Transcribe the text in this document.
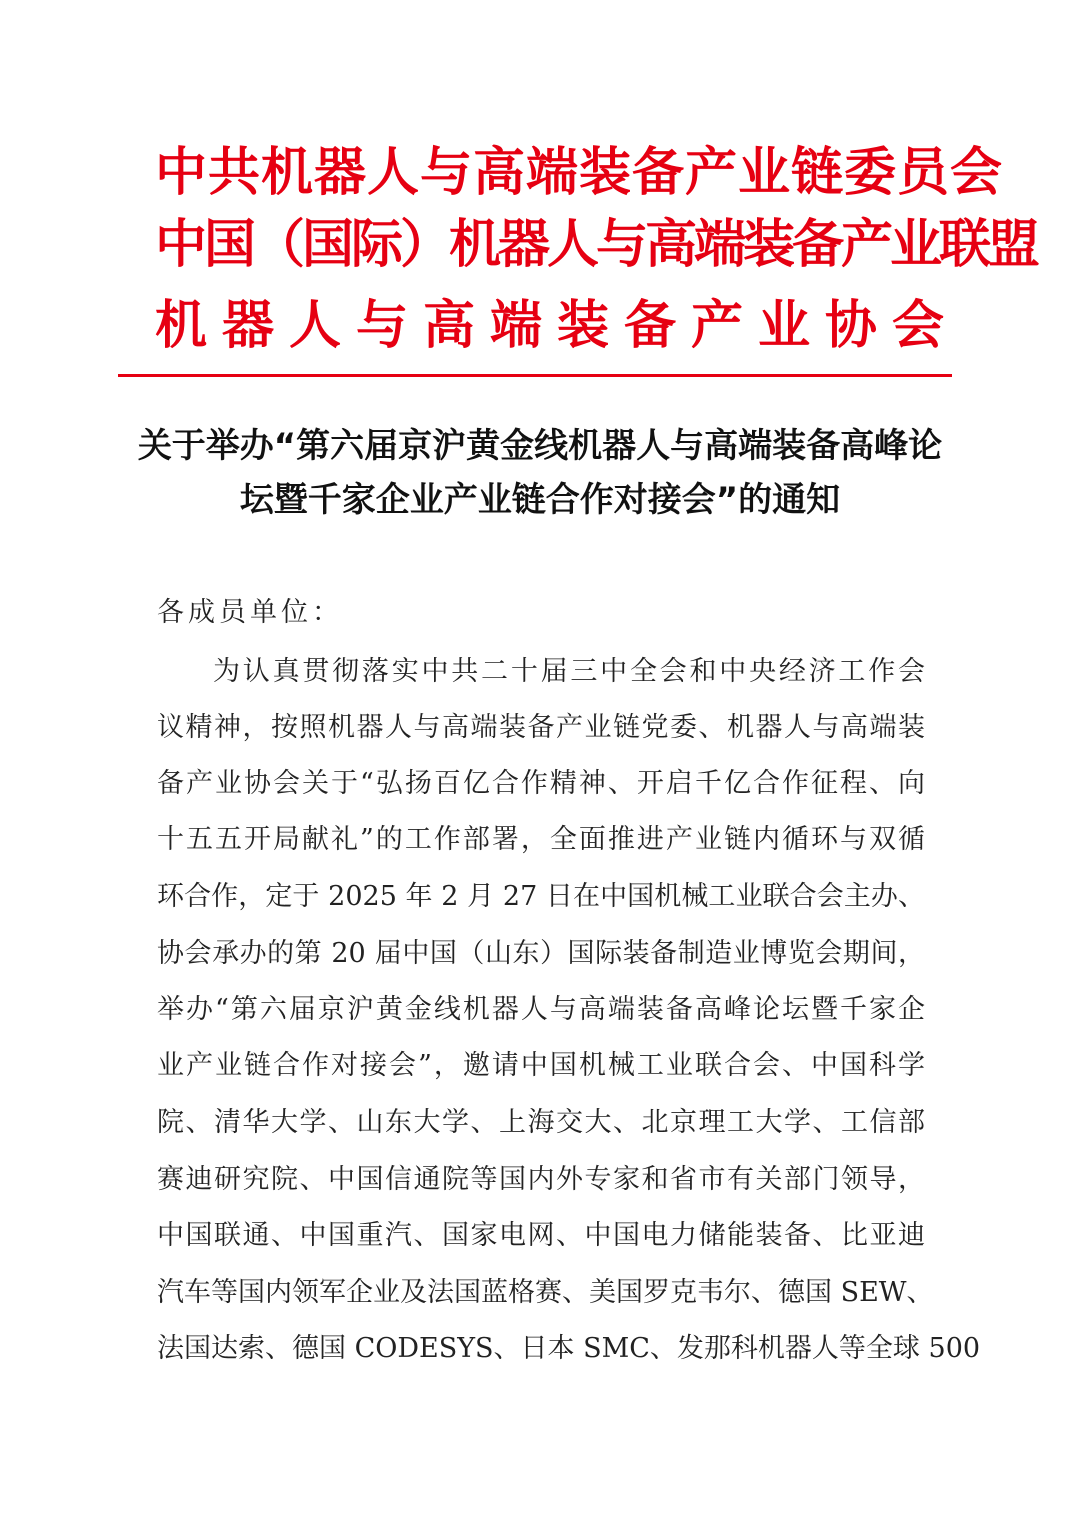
中共机器人与高端装备产业链委员会
中国（国际）机器人与高端装备产业联盟
机器人与高端装备产业协会
关于举办“第六届京沪黄金线机器人与高端装备高峰论
坛暨千家企业产业链合作对接会”的通知
各成员单位：
为认真贯彻落实中共二十届三中全会和中央经济工作会
议精神，按照机器人与高端装备产业链党委、机器人与高端装
备产业协会关于“弘扬百亿合作精神、开启千亿合作征程、向
十五五开局献礼”的工作部署，全面推进产业链内循环与双循
环合作，定于 2025 年 2 月 27 日在中国机械工业联合会主办、
协会承办的第 20 届中国（山东）国际装备制造业博览会期间，
举办“第六届京沪黄金线机器人与高端装备高峰论坛暨千家企
业产业链合作对接会”，邀请中国机械工业联合会、中国科学
院、清华大学、山东大学、上海交大、北京理工大学、工信部
赛迪研究院、中国信通院等国内外专家和省市有关部门领导，
中国联通、中国重汽、国家电网、中国电力储能装备、比亚迪
汽车等国内领军企业及法国蓝格赛、美国罗克韦尔、德国 SEW、
法国达索、德国 CODESYS、日本 SMC、发那科机器人等全球 500
